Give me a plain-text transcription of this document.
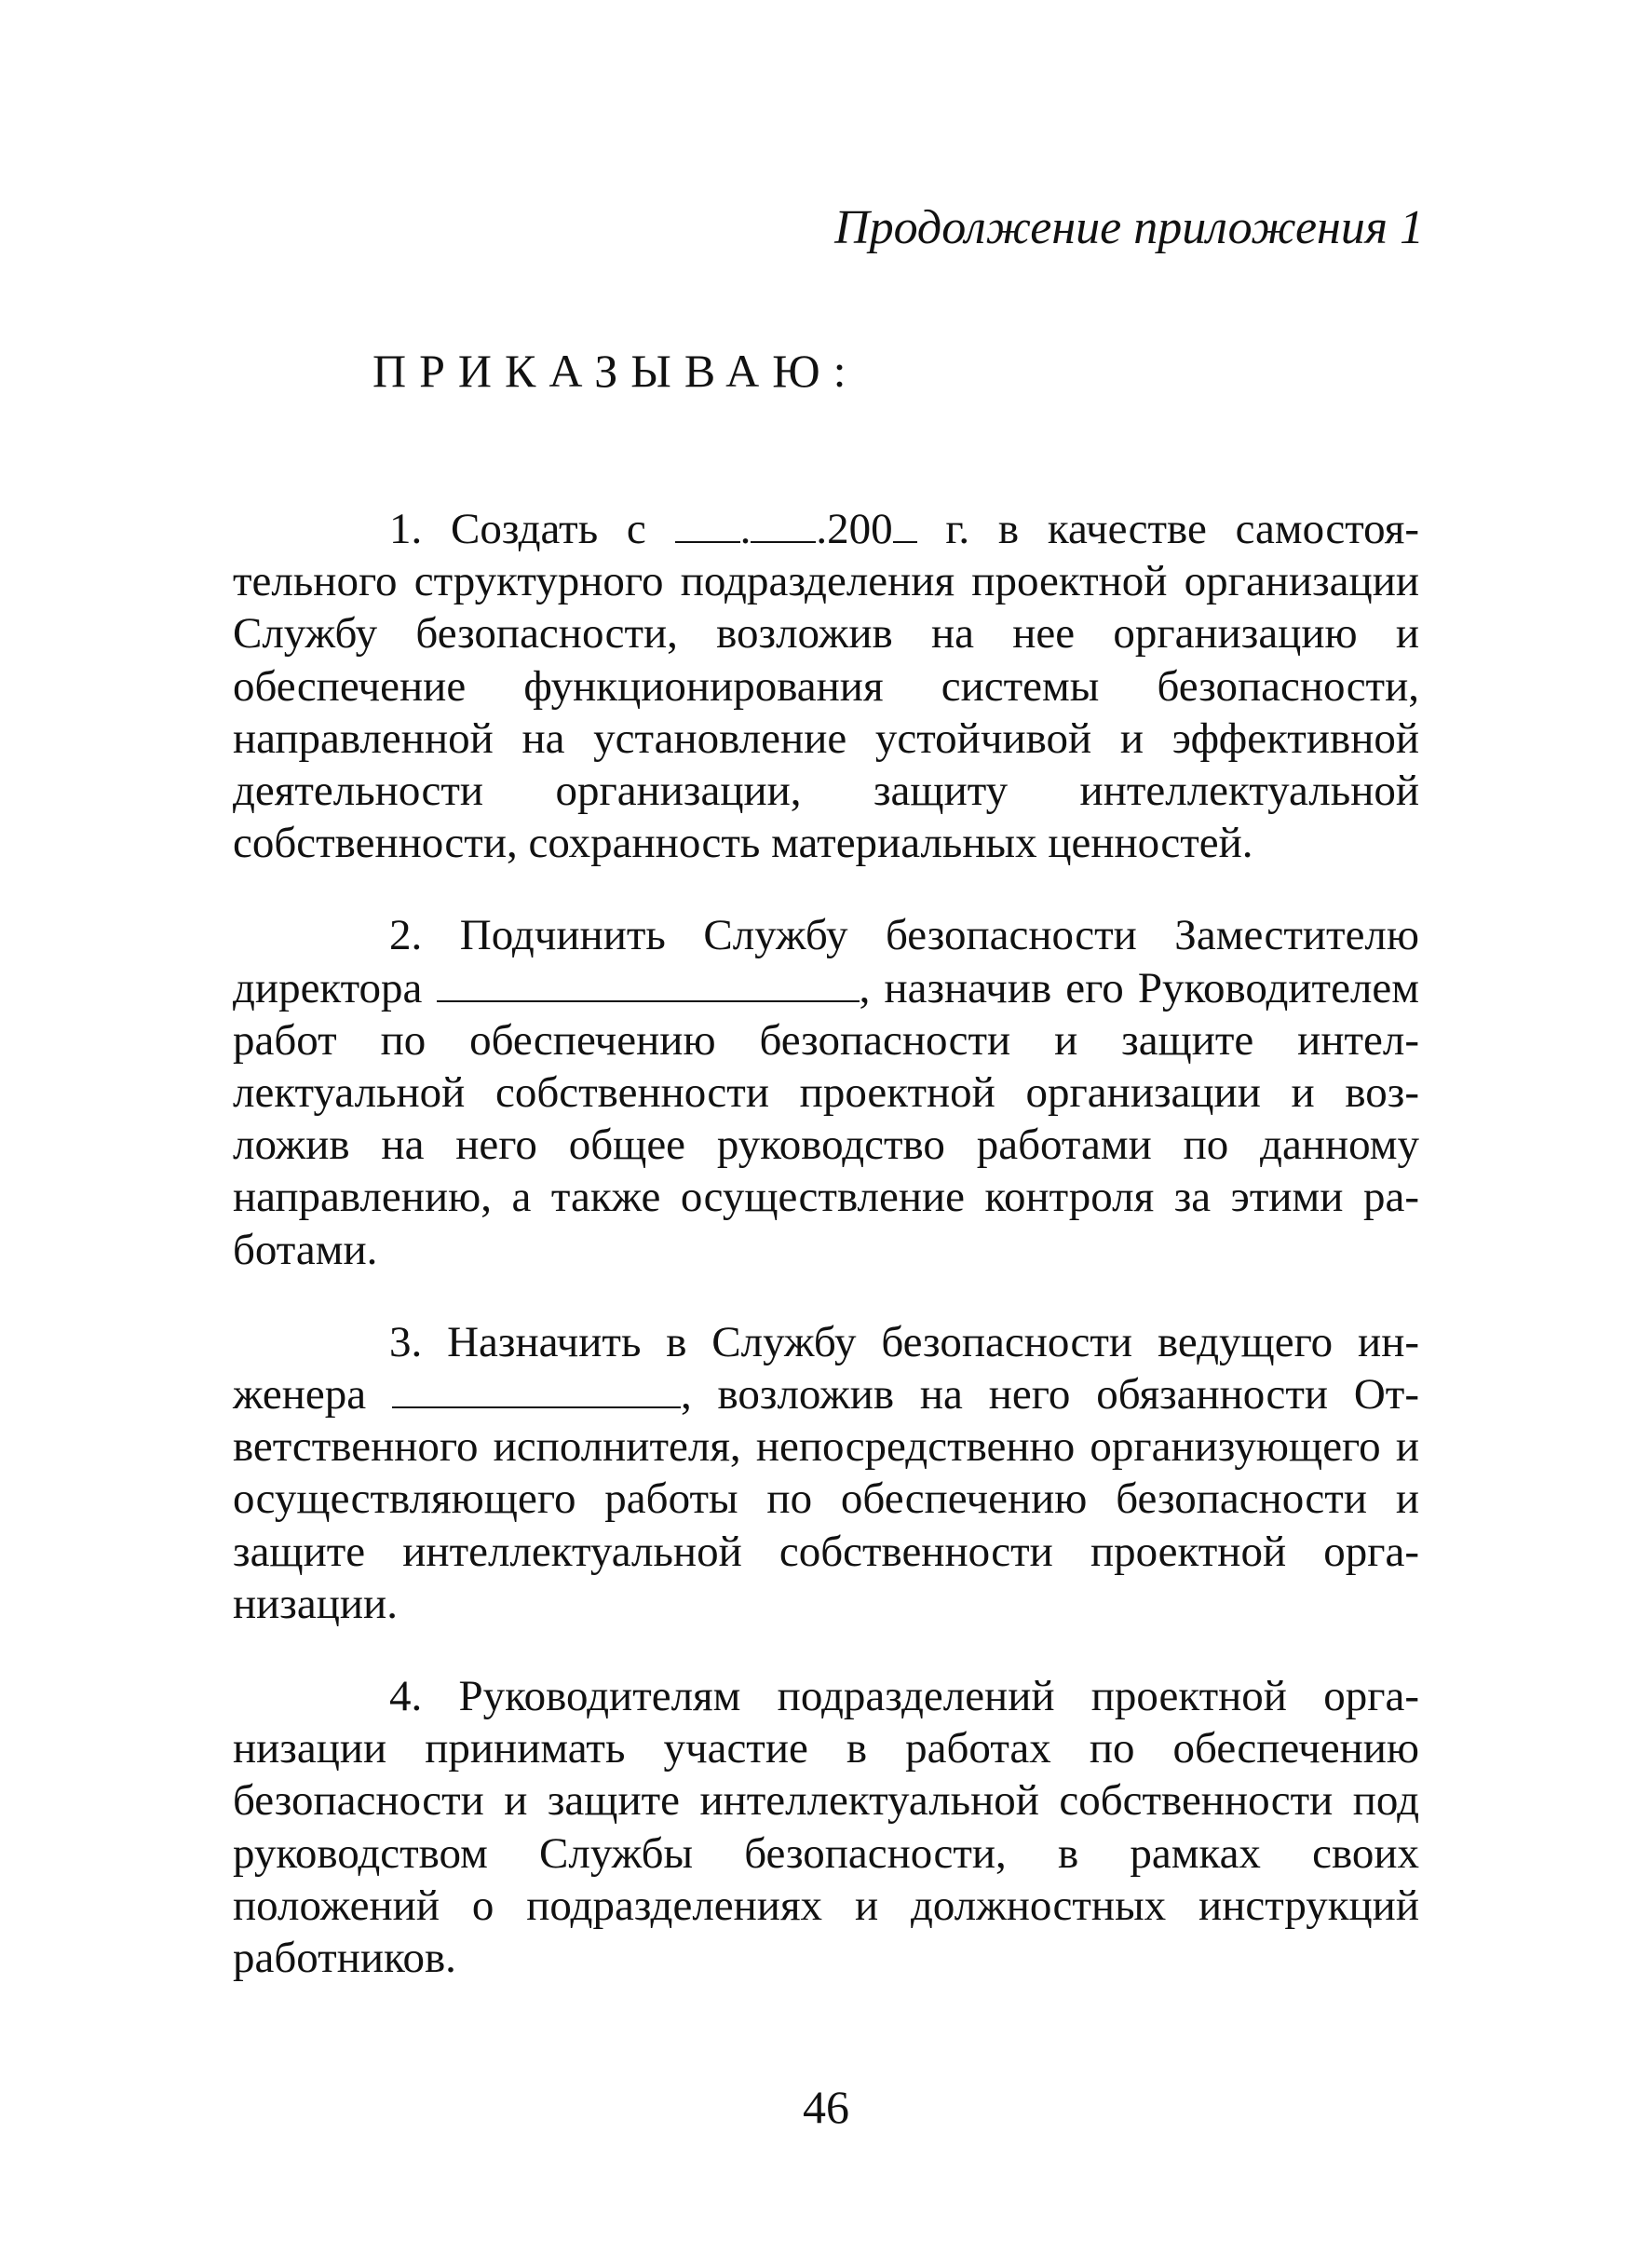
Продолжение приложения 1
ПРИКАЗЫВАЮ:

1. Создать с . .200 г. в качестве самостоятельного структурного подразделения проектной организации Службу безопасности, возложив на нее организацию и обеспечение функционирования системы безопасности, направленной на установление устойчивой и эффективной деятельности организации, защиту интеллектуальной собственности, сохранность материальных ценностей.

2. Подчинить Службу безопасности Заместителю директора	, назначив его Руководителем работ по обеспечению безопасности и защите интеллектуальной собственности проектной организации и возложив на него общее руководство работами по данному направлению, а также осуществление контроля за этими работами.

3. Назначить в Службу безопасности ведущего инженера	, возложив на него обязанности Ответственного исполнителя, непосредственно организующего и осуществляющего работы по обеспечению безопасности и защите интеллектуальной собственности проектной организации.

4. Руководителям подразделений проектной организации принимать участие в работах по обеспечению безопасности и защите интеллектуальной собственности под руководством Службы безопасности, в рамках своих положений о подразделениях и должностных инструкций работников.

46
